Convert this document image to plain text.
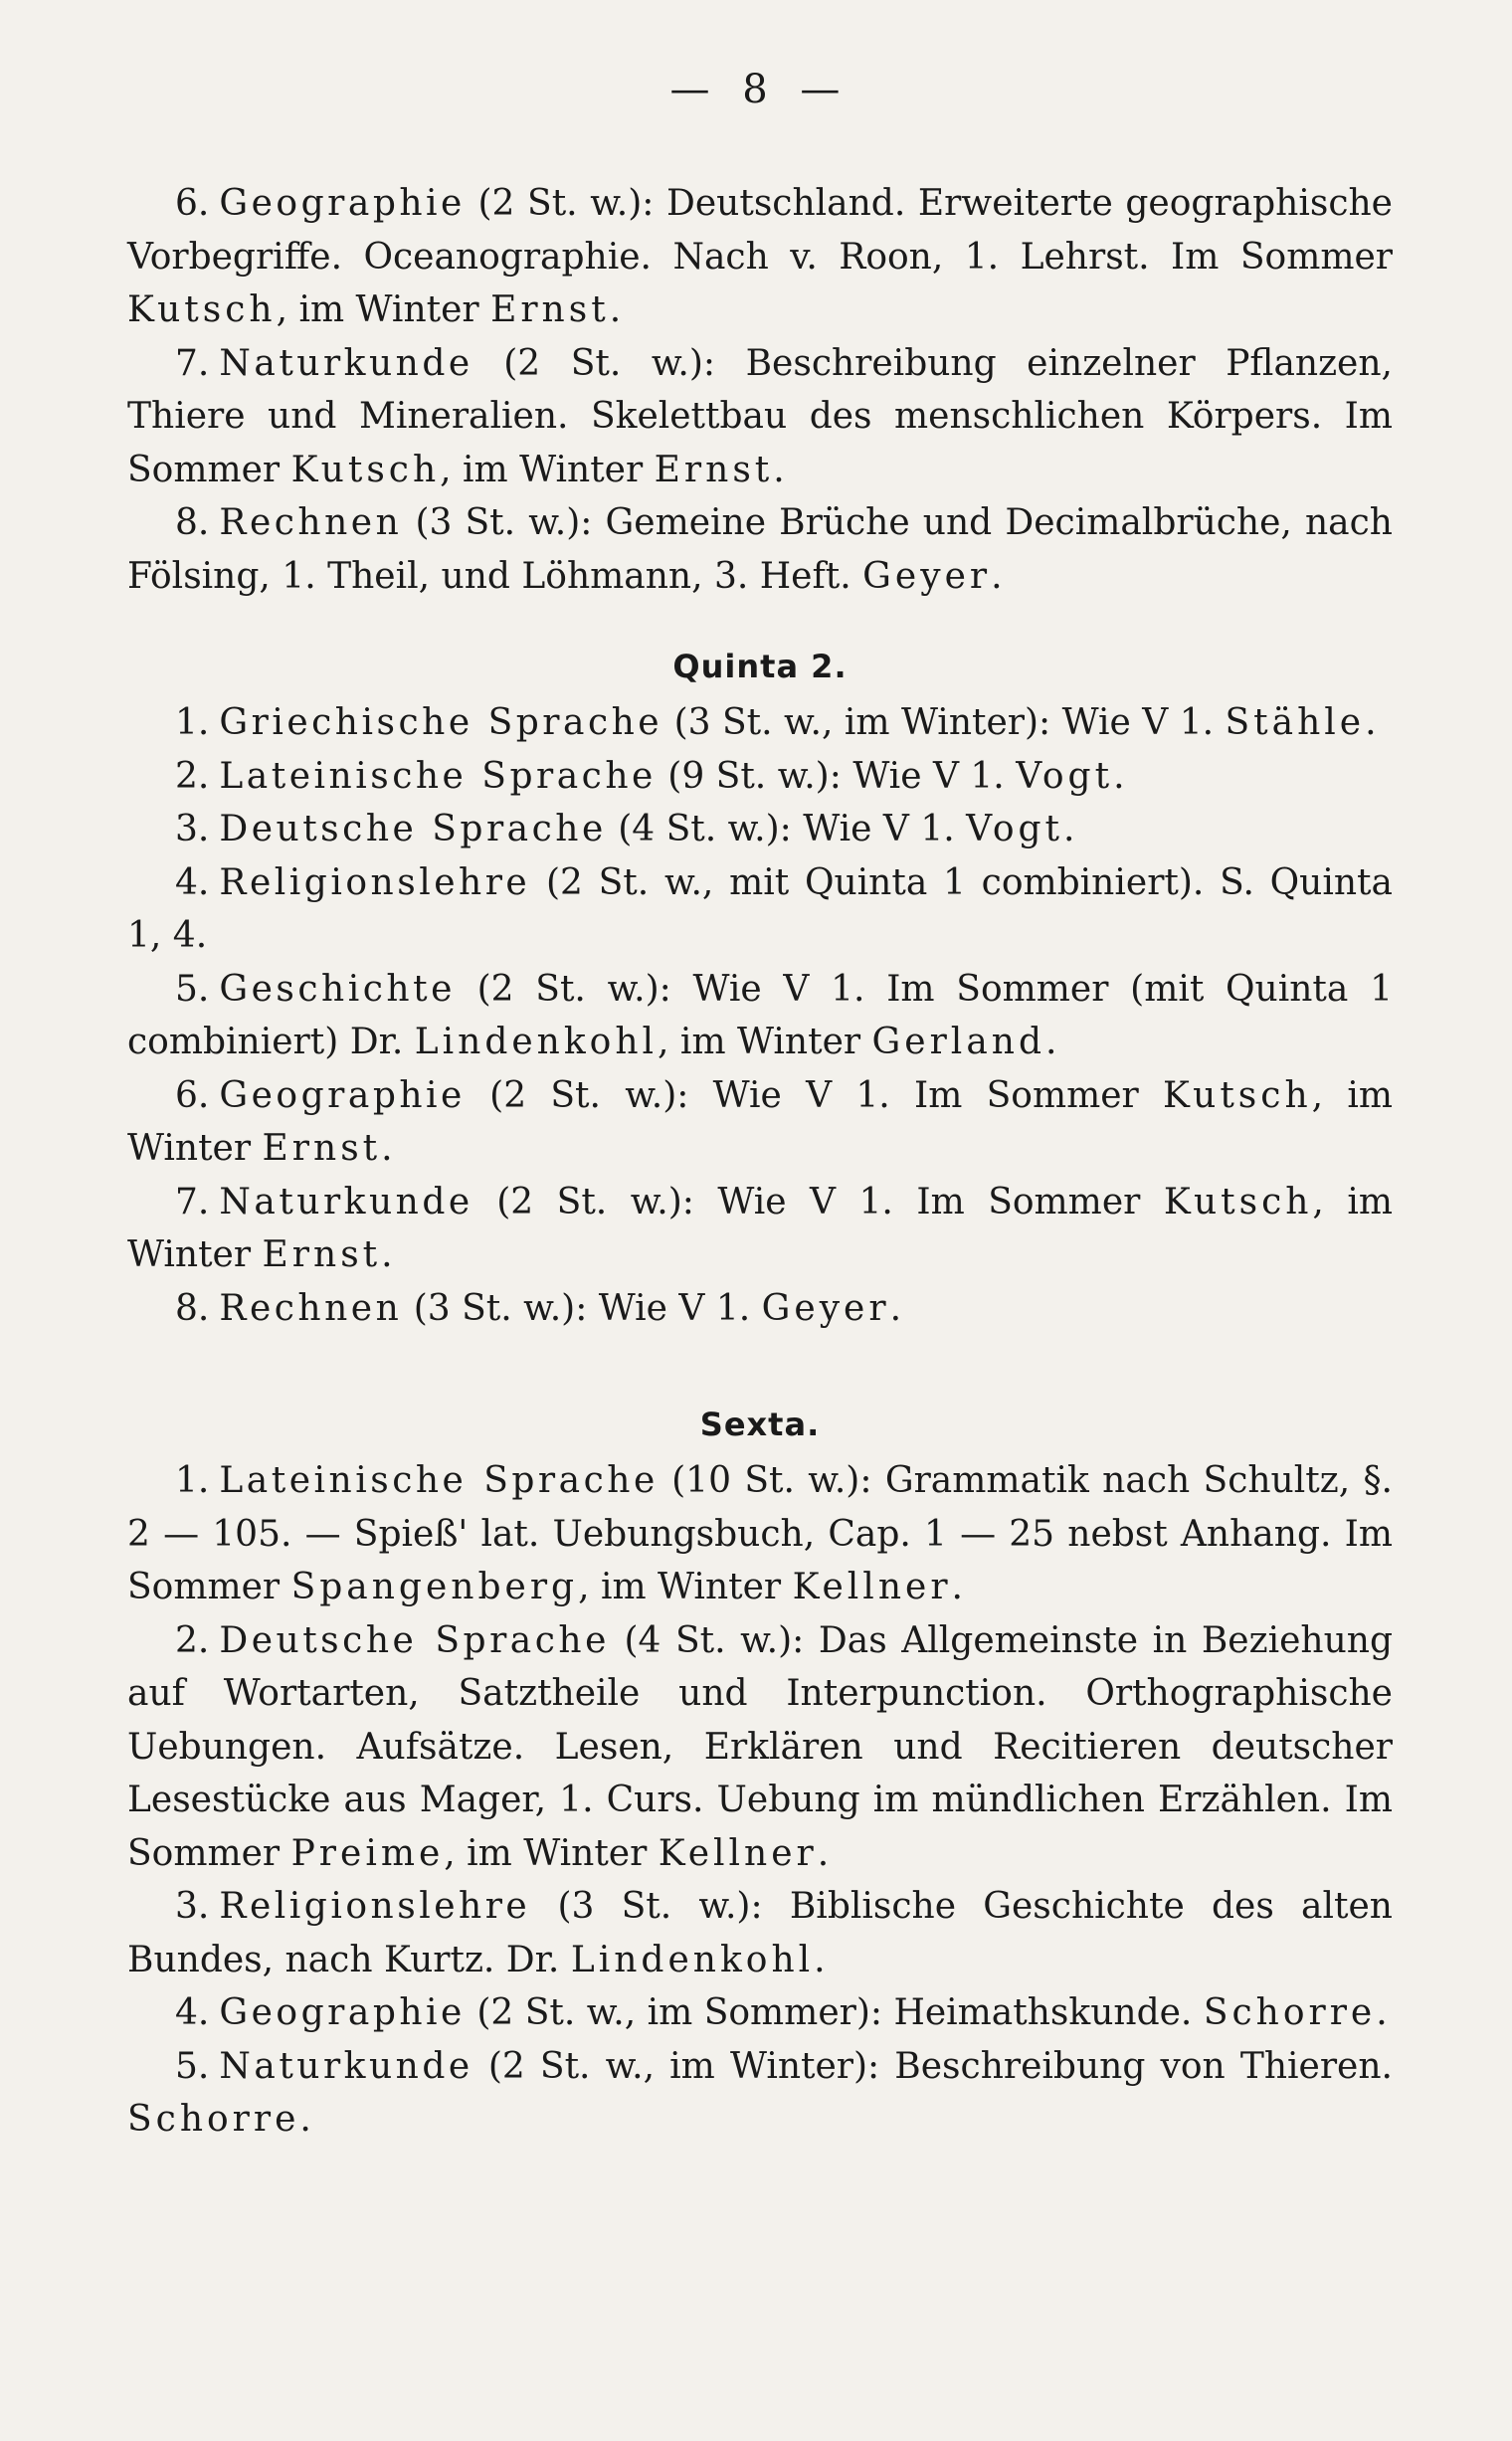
— 8 —

6. Geographie (2 St. w.): Deutschland. Erweiterte geographische Vorbegriffe. Oceanographie. Nach v. Roon, 1. Lehrst. Im Sommer Kutsch, im Winter Ernst.

7. Naturkunde (2 St. w.): Beschreibung einzelner Pflanzen, Thiere und Mineralien. Skelettbau des menschlichen Körpers. Im Sommer Kutsch, im Winter Ernst.

8. Rechnen (3 St. w.): Gemeine Brüche und Decimalbrüche, nach Fölsing, 1. Theil, und Löhmann, 3. Heft. Geyer.

Quinta 2.

1. Griechische Sprache (3 St. w., im Winter): Wie V 1. Stähle.

2. Lateinische Sprache (9 St. w.): Wie V 1. Vogt.

3. Deutsche Sprache (4 St. w.): Wie V 1. Vogt.

4. Religionslehre (2 St. w., mit Quinta 1 combiniert). S. Quinta 1, 4.

5. Geschichte (2 St. w.): Wie V 1. Im Sommer (mit Quinta 1 combiniert) Dr. Lindenkohl, im Winter Gerland.

6. Geographie (2 St. w.): Wie V 1. Im Sommer Kutsch, im Winter Ernst.

7. Naturkunde (2 St. w.): Wie V 1. Im Sommer Kutsch, im Winter Ernst.

8. Rechnen (3 St. w.): Wie V 1. Geyer.

Sexta.

1. Lateinische Sprache (10 St. w.): Grammatik nach Schultz, §. 2 — 105. — Spieß' lat. Uebungsbuch, Cap. 1 — 25 nebst Anhang. Im Sommer Spangenberg, im Winter Kellner.

2. Deutsche Sprache (4 St. w.): Das Allgemeinste in Beziehung auf Wortarten, Satztheile und Interpunction. Orthographische Uebungen. Aufsätze. Lesen, Erklären und Recitieren deutscher Lesestücke aus Mager, 1. Curs. Uebung im mündlichen Erzählen. Im Sommer Preime, im Winter Kellner.

3. Religionslehre (3 St. w.): Biblische Geschichte des alten Bundes, nach Kurtz. Dr. Lindenkohl.

4. Geographie (2 St. w., im Sommer): Heimathskunde. Schorre.

5. Naturkunde (2 St. w., im Winter): Beschreibung von Thieren. Schorre.
